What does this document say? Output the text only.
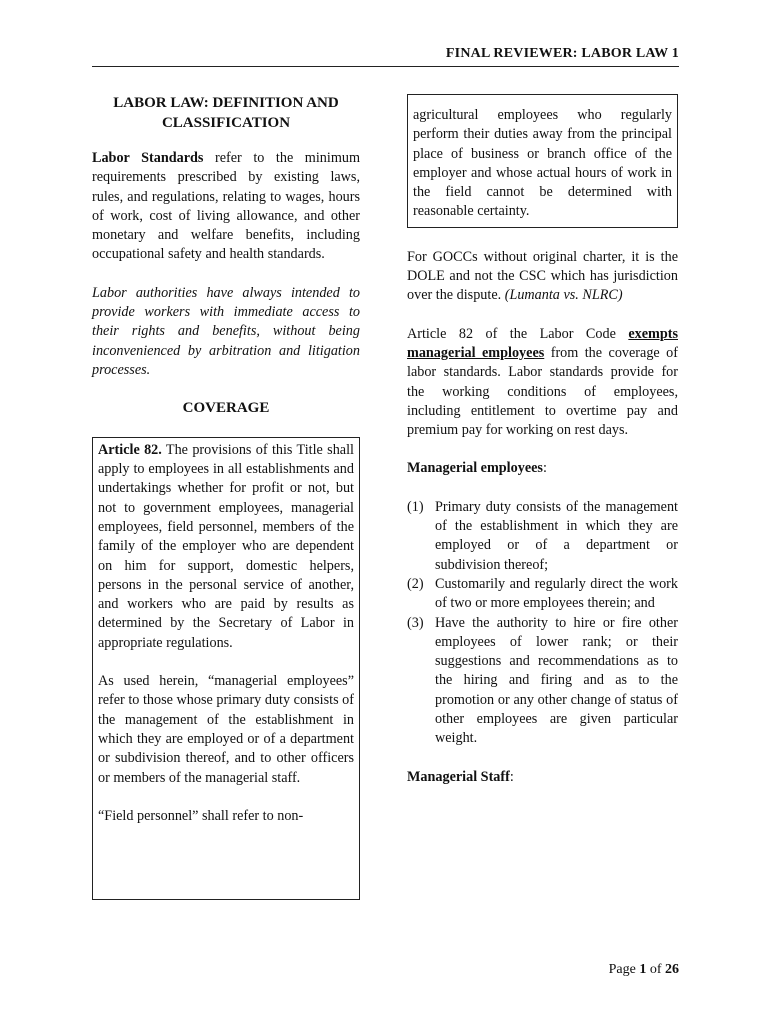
FINAL REVIEWER: LABOR LAW 1
LABOR LAW: DEFINITION AND
CLASSIFICATION

Labor Standards refer to the minimum requirements prescribed by existing laws, rules, and regulations, relating to wages, hours of work, cost of living allowance, and other monetary and welfare benefits, including occupational safety and health standards.

Labor authorities have always intended to provide workers with immediate access to their rights and benefits, without being inconvenienced by arbitration and litigation processes.

COVERAGE

Article 82. The provisions of this Title shall apply to employees in all establishments and undertakings whether for profit or not, but not to government employees, managerial employees, field personnel, members of the family of the employer who are dependent on him for support, domestic helpers, persons in the personal service of another, and workers who are paid by results as determined by the Secretary of Labor in appropriate regulations.

As used herein, “managerial employees” refer to those whose primary duty consists of the management of the establishment in which they are employed or of a department or subdivision thereof, and to other officers or members of the managerial staff.

“Field personnel” shall refer to non-

agricultural employees who regularly perform their duties away from the principal place of business or branch office of the employer and whose actual hours of work in the field cannot be determined with reasonable certainty.

For GOCCs without original charter, it is the DOLE and not the CSC which has jurisdiction over the dispute. (Lumanta vs. NLRC)

Article 82 of the Labor Code exempts managerial employees from the coverage of labor standards. Labor standards provide for the working conditions of employees, including entitlement to overtime pay and premium pay for working on rest days.

Managerial employees:

(1) Primary duty consists of the management of the establishment in which they are employed or of a department or subdivision thereof;
(2) Customarily and regularly direct the work of two or more employees therein; and
(3) Have the authority to hire or fire other employees of lower rank; or their suggestions and recommendations as to the hiring and firing and as to the promotion or any other change of status of other employees are given particular weight.

Managerial Staff:

Page 1 of 26
